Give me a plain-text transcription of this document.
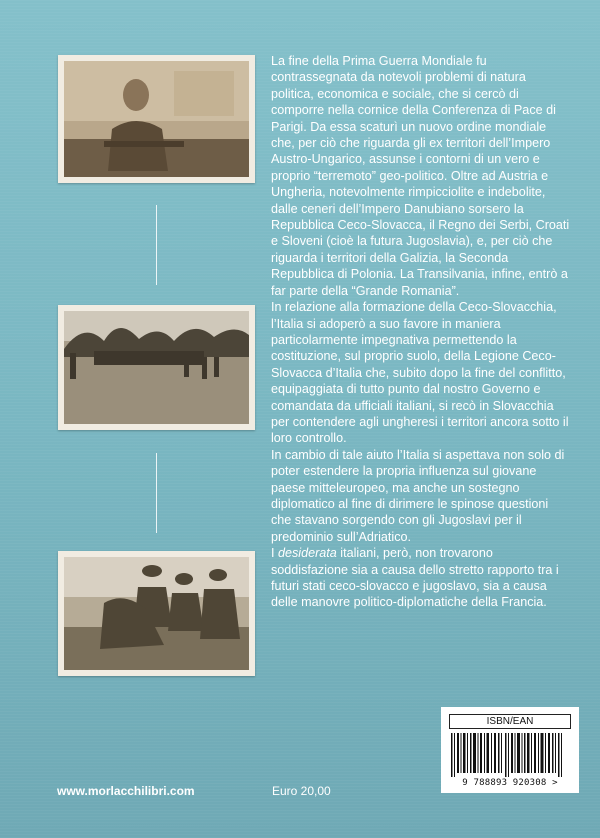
La fine della Prima Guerra Mondiale fu contrassegnata da notevoli problemi di natura politica, economica e sociale, che si cercò di comporre nella cornice della Conferenza di Pace di Parigi. Da essa scaturì un nuovo ordine mondiale che, per ciò che riguarda gli ex territori dell’Impero Austro-Ungarico, assunse i contorni di un vero e proprio “terremoto” geo-politico. Oltre ad Austria e Ungheria, notevolmente rimpicciolite e indebolite, dalle ceneri dell’Impero Danubiano sorsero la Repubblica Ceco-Slovacca, il Regno dei Serbi, Croati e Sloveni (cioè la futura Jugoslavia), e, per ciò che riguarda i territori della Galizia, la Seconda Repubblica di Polonia. La Transilvania, infine, entrò a far parte della “Grande Romania”.

In relazione alla formazione della Ceco-Slovacchia, l’Italia si adoperò a suo favore in maniera particolarmente impegnativa permettendo la costituzione, sul proprio suolo, della Legione Ceco-Slovacca d’Italia che, subito dopo la fine del conflitto, equipaggiata di tutto punto dal nostro Governo e comandata da ufficiali italiani, si recò in Slovacchia per contendere agli ungheresi i territori ancora sotto il loro controllo.

In cambio di tale aiuto l’Italia si aspettava non solo di poter estendere la propria influenza sul giovane paese mitteleuropeo, ma anche un sostegno diplomatico al fine di dirimere le spinose questioni che stavano sorgendo con gli Jugoslavi per il predominio sull’Adriatico.

I desiderata italiani, però, non trovarono soddisfazione sia a causa dello stretto rapporto tra i futuri stati ceco-slovacco e jugoslavo, sia a causa delle manovre politico-diplomatiche della Francia.

ISBN/EAN
9 788893 920308 >
www.morlacchilibri.com	Euro 20,00
